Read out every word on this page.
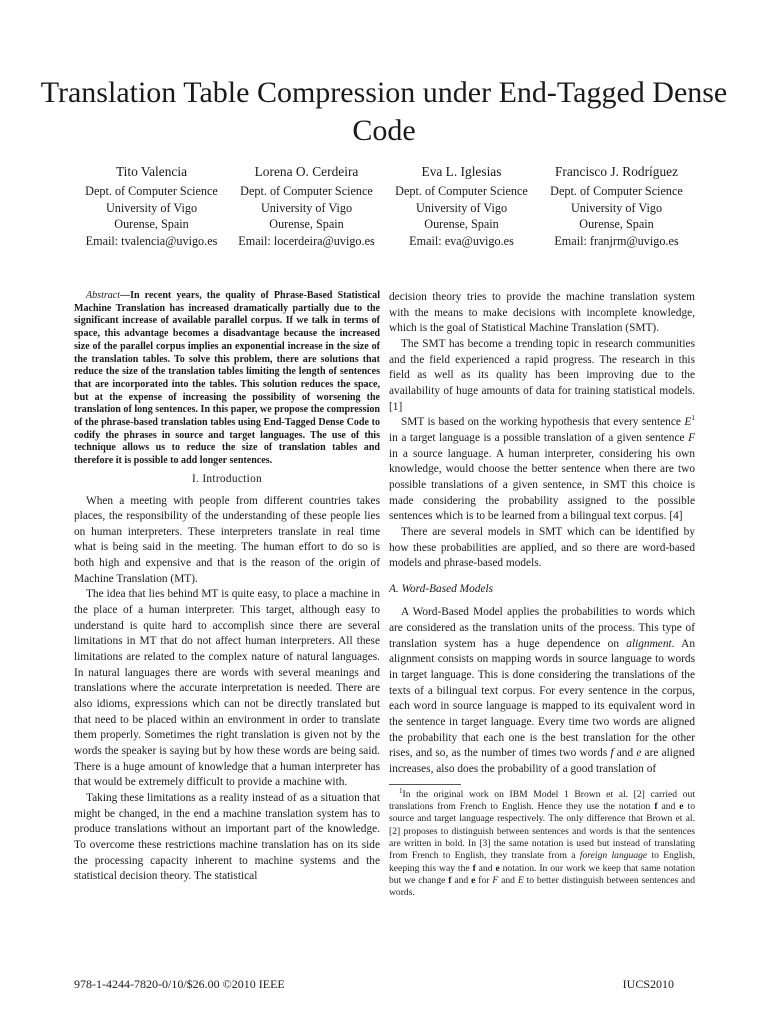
Translation Table Compression under End-Tagged Dense Code
Tito Valencia
Dept. of Computer Science
University of Vigo
Ourense, Spain
Email: tvalencia@uvigo.es
Lorena O. Cerdeira
Dept. of Computer Science
University of Vigo
Ourense, Spain
Email: locerdeira@uvigo.es
Eva L. Iglesias
Dept. of Computer Science
University of Vigo
Ourense, Spain
Email: eva@uvigo.es
Francisco J. Rodríguez
Dept. of Computer Science
University of Vigo
Ourense, Spain
Email: franjrm@uvigo.es

Abstract—In recent years, the quality of Phrase-Based Statistical Machine Translation has increased dramatically partially due to the significant increase of available parallel corpus. If we talk in terms of space, this advantage becomes a disadvantage because the increased size of the parallel corpus implies an exponential increase in the size of the translation tables. To solve this problem, there are solutions that reduce the size of the translation tables limiting the length of sentences that are incorporated into the tables. This solution reduces the space, but at the expense of increasing the possibility of worsening the translation of long sentences. In this paper, we propose the compression of the phrase-based translation tables using End-Tagged Dense Code to codify the phrases in source and target languages. The use of this technique allows us to reduce the size of translation tables and therefore it is possible to add longer sentences.

I. Introduction

When a meeting with people from different countries takes places, the responsibility of the understanding of these people lies on human interpreters. These interpreters translate in real time what is being said in the meeting. The human effort to do so is both high and expensive and that is the reason of the origin of Machine Translation (MT).

The idea that lies behind MT is quite easy, to place a machine in the place of a human interpreter. This target, although easy to understand is quite hard to accomplish since there are several limitations in MT that do not affect human interpreters. All these limitations are related to the complex nature of natural languages. In natural languages there are words with several meanings and translations where the accurate interpretation is needed. There are also idioms, expressions which can not be directly translated but that need to be placed within an environment in order to translate them properly. Sometimes the right translation is given not by the words the speaker is saying but by how these words are being said. There is a huge amount of knowledge that a human interpreter has that would be extremely difficult to provide a machine with.

Taking these limitations as a reality instead of as a situation that might be changed, in the end a machine translation system has to produce translations without an important part of the knowledge. To overcome these restrictions machine translation has on its side the processing capacity inherent to machine systems and the statistical decision theory. The statistical

decision theory tries to provide the machine translation system with the means to make decisions with incomplete knowledge, which is the goal of Statistical Machine Translation (SMT).

The SMT has become a trending topic in research communities and the field experienced a rapid progress. The research in this field as well as its quality has been improving due to the availability of huge amounts of data for training statistical models. [1]

SMT is based on the working hypothesis that every sentence $E^1$ in a target language is a possible translation of a given sentence F in a source language. A human interpreter, considering his own knowledge, would choose the better sentence when there are two possible translations of a given sentence, in SMT this choice is made considering the probability assigned to the possible sentences which is to be learned from a bilingual text corpus. [4]

There are several models in SMT which can be identified by how these probabilities are applied, and so there are word-based models and phrase-based models.

A. Word-Based Models

A Word-Based Model applies the probabilities to words which are considered as the translation units of the process. This type of translation system has a huge dependence on alignment. An alignment consists on mapping words in source language to words in target language. This is done considering the translations of the texts of a bilingual text corpus. For every sentence in the corpus, each word in source language is mapped to its equivalent word in the sentence in target language. Every time two words are aligned the probability that each one is the best translation for the other rises, and so, as the number of times two words f and e are aligned increases, also does the probability of a good translation of

$^1$In the original work on IBM Model 1 Brown et al. [2] carried out translations from French to English. Hence they use the notation f and e to source and target language respectively. The only difference that Brown et al. [2] proposes to distinguish between sentences and words is that the sentences are written in bold. In [3] the same notation is used but instead of translating from French to English, they translate from a foreign language to English, keeping this way the f and e notation. In our work we keep that same notation but we change f and e for F and E to better distinguish between sentences and words.

978-1-4244-7820-0/10/$26.00 ©2010 IEEE	IUCS2010
